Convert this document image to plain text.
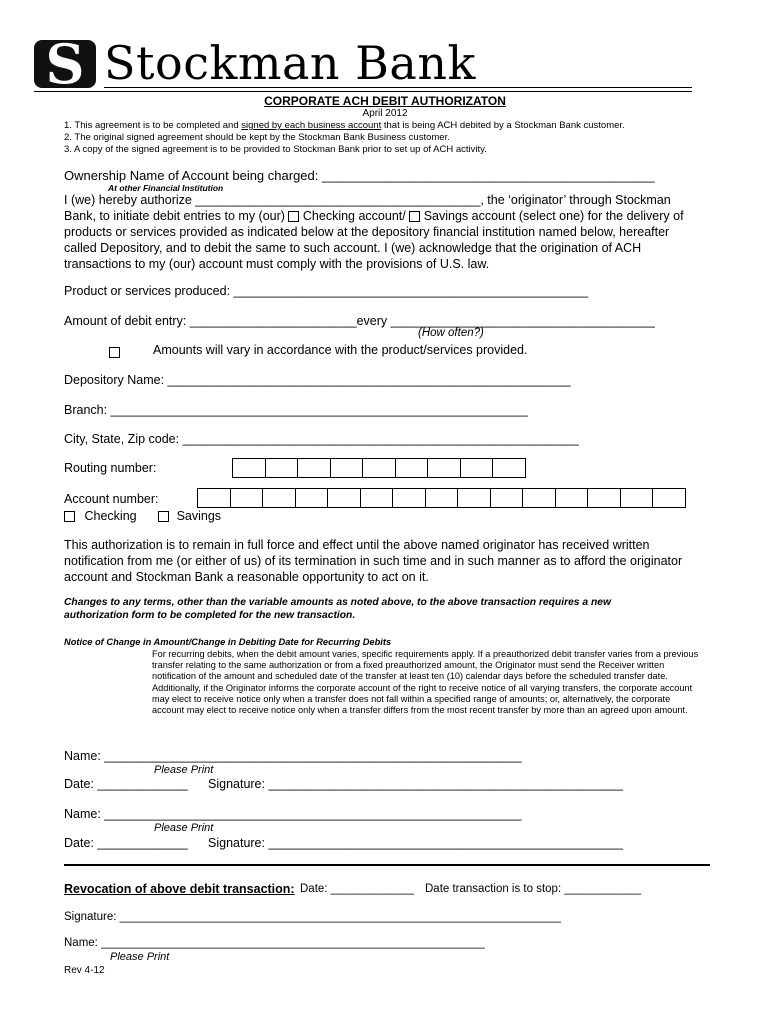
S Stockman Bank
CORPORATE ACH DEBIT AUTHORIZATON
April 2012
1. This agreement is to be completed and signed by each business account that is being ACH debited by a Stockman Bank customer.
2. The original signed agreement should be kept by the Stockman Bank Business customer.
3. A copy of the signed agreement is to be provided to Stockman Bank prior to set up of ACH activity.
Ownership Name of Account being charged: ______________________________________________
At other Financial Institution
I (we) hereby authorize _________________________________________, the ‘originator’ through Stockman
Bank, to initiate debit entries to my (our)  Checking account/  Savings account (select one) for the delivery of
products or services provided as indicated below at the depository financial institution named below, hereafter
called Depository, and to debit the same to such account. I (we) acknowledge that the origination of ACH
transactions to my (our) account must comply with the provisions of U.S. law.
Product or services produced: ___________________________________________________
Amount of debit entry: ________________________every ______________________________________
(How often?)
Amounts will vary in accordance with the product/services provided.
Depository Name: __________________________________________________________
Branch: ____________________________________________________________
City, State, Zip code: _________________________________________________________
Routing number:
Account number:
Checking	Savings
This authorization is to remain in full force and effect until the above named originator has received written
notification from me (or either of us) of its termination in such time and in such manner as to afford the originator
account and Stockman Bank a reasonable opportunity to act on it.
Changes to any terms, other than the variable amounts as noted above, to the above transaction requires a new
authorization form to be completed for the new transaction.
Notice of Change in Amount/Change in Debiting Date for Recurring Debits
For recurring debits, when the debit amount varies, specific requirements apply. If a preauthorized debit transfer varies from a previous transfer relating to the same authorization or from a fixed preauthorized amount, the Originator must send the Receiver written notification of the amount and scheduled date of the transfer at least ten (10) calendar days before the scheduled transfer date. Additionally, if the Originator informs the corporate account of the right to receive notice of all varying transfers, the corporate account may elect to receive notice only when a transfer does not fall within a specified range of amounts; or, alternatively, the corporate account may elect to receive notice only when a transfer differs from the most recent transfer by more than an agreed upon amount.
Name: ____________________________________________________________
Please Print
Date: _____________ Signature: ___________________________________________________
Name: ____________________________________________________________
Please Print
Date: _____________ Signature: ___________________________________________________
Revocation of above debit transaction: Date: _____________ Date transaction is to stop: ____________
Signature: _____________________________________________________________________
Name: ____________________________________________________________
Please Print
Rev 4-12
